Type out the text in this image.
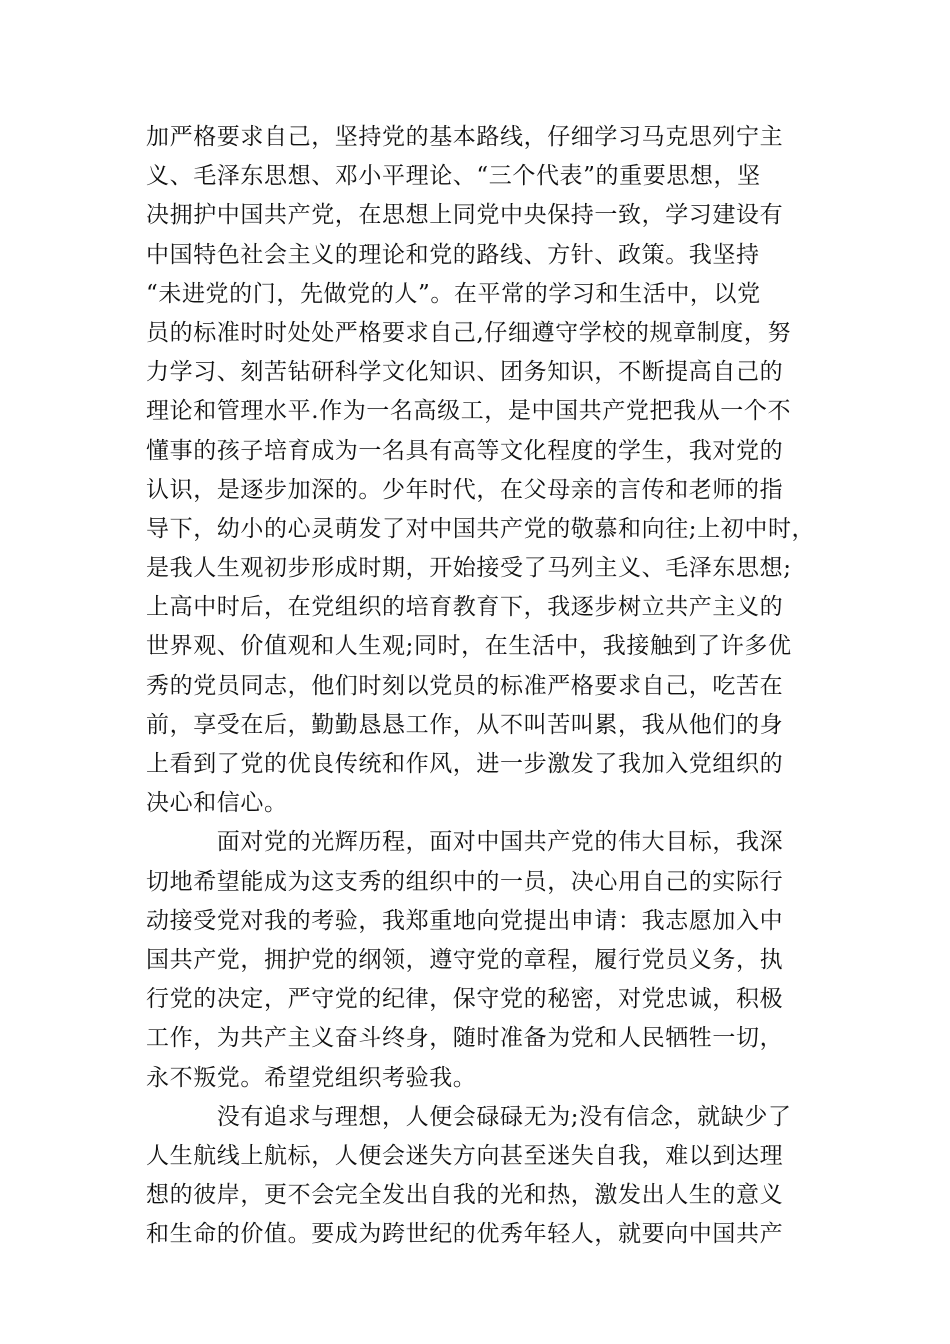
加严格要求自己，坚持党的基本路线，仔细学习马克思列宁主
义、毛泽东思想、邓小平理论、“三个代表”的重要思想，坚
决拥护中国共产党，在思想上同党中央保持一致，学习建设有
中国特色社会主义的理论和党的路线、方针、政策。我坚持
“未进党的门，先做党的人”。在平常的学习和生活中，以党
员的标准时时处处严格要求自己,仔细遵守学校的规章制度，努
力学习、刻苦钻研科学文化知识、团务知识，不断提高自己的
理论和管理水平.作为一名高级工，是中国共产党把我从一个不
懂事的孩子培育成为一名具有高等文化程度的学生，我对党的
认识，是逐步加深的。少年时代，在父母亲的言传和老师的指
导下，幼小的心灵萌发了对中国共产党的敬慕和向往;上初中时，
是我人生观初步形成时期，开始接受了马列主义、毛泽东思想;
上高中时后，在党组织的培育教育下，我逐步树立共产主义的
世界观、价值观和人生观;同时，在生活中，我接触到了许多优
秀的党员同志，他们时刻以党员的标准严格要求自己，吃苦在
前，享受在后，勤勤恳恳工作，从不叫苦叫累，我从他们的身
上看到了党的优良传统和作风，进一步激发了我加入党组织的
决心和信心。
　　　面对党的光辉历程，面对中国共产党的伟大目标，我深
切地希望能成为这支秀的组织中的一员，决心用自己的实际行
动接受党对我的考验，我郑重地向党提出申请：我志愿加入中
国共产党，拥护党的纲领，遵守党的章程，履行党员义务，执
行党的决定，严守党的纪律，保守党的秘密，对党忠诚，积极
工作，为共产主义奋斗终身，随时准备为党和人民牺牲一切，
永不叛党。希望党组织考验我。
　　　没有追求与理想，人便会碌碌无为;没有信念，就缺少了
人生航线上航标，人便会迷失方向甚至迷失自我，难以到达理
想的彼岸，更不会完全发出自我的光和热，激发出人生的意义
和生命的价值。要成为跨世纪的优秀年轻人，就要向中国共产
